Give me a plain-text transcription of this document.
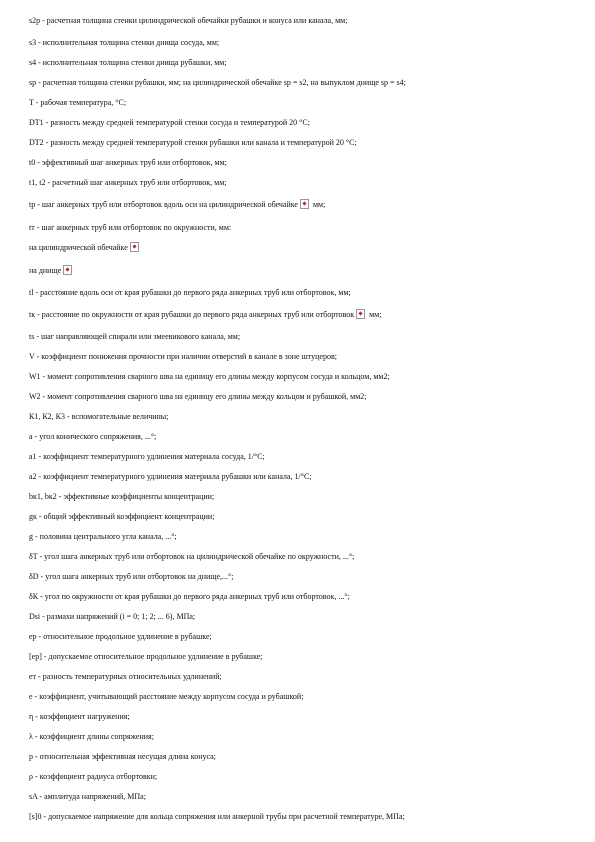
s2p - расчетная толщина стенки цилиндрической обечайки рубашки и конуса или канала, мм;
s3 - исполнительная толщина стенки днища сосуда, мм;
s4 - исполнительная толщина стенки днища рубашки, мм;
sp - расчетная толщина стенки рубашки, мм; на цилиндрической обечайке sp = s2, на выпуклом днище sp = s4;
T - рабочая температура, °С;
DT1 - разность между средней температурой стенки сосуда и температурой 20 °С;
DT2 - разность между средней температурой стенки рубашки или канала и температурой 20 °С;
t0 - эффективный шаг анкерных труб или отбортовок, мм;
t1, t2 - расчетный шаг анкерных труб или отбортовок, мм;
tp - шаг анкерных труб или отбортовок вдоль оси на цилиндрической обечайке мм;
tт - шаг анкерных труб или отбортовок по окружности, мм:
на цилиндрической обечайке
на днище
tl - расстояние вдоль оси от края рубашки до первого ряда анкерных труб или отбортовок, мм;
tк - расстояние по окружности от края рубашки до первого ряда анкерных труб или отбортовок мм;
ts - шаг направляющей спирали или змеевикового канала, мм;
V - коэффициент понижения прочности при наличии отверстий в канале в зоне штуцеров;
W1 - момент сопротивления сварного шва на единицу его длины между корпусом сосуда и кольцом, мм2;
W2 - момент сопротивления сварного шва на единицу его длины между кольцом и рубашкой, мм2;
К1, К2, К3 - вспомогательные величины;
a - угол конического сопряжения, ...°;
a1 - коэффициент температурного удлинения материала сосуда, 1/°С;
a2 - коэффициент температурного удлинения материала рубашки или канала, 1/°С;
bк1, bк2 - эффективные коэффициенты концентрации;
gк - общий эффективный коэффициент концентрации;
g - половина центрального угла канала, ...°;
δT - угол шага анкерных труб или отбортовок на цилиндрической обечайке по окружности, ...°;
δD - угол шага анкерных труб или отбортовок на днище,...°;
δК - угол по окружности от края рубашки до первого ряда анкерных труб или отбортовок, ...°;
Dsi - размахи напряжений (i = 0; 1; 2; ... 6), МПа;
ep - относительное продольное удлинение в рубашке;
[ep] - допускаемое относительное продольное удлинение в рубашке;
eт - разность температурных относительных удлинений;
e - коэффициент, учитывающий расстояние между корпусом сосуда и рубашкой;
η - коэффициент нагружения;
λ - коэффициент длины сопряжения;
p - относительная эффективная несущая длина конуса;
ρ - коэффициент радиуса отбортовки;
sA - амплитуда напряжений, МПа;
[s]0 - допускаемое напряжение для кольца сопряжения или анкерной трубы при расчетной температуре, МПа;
